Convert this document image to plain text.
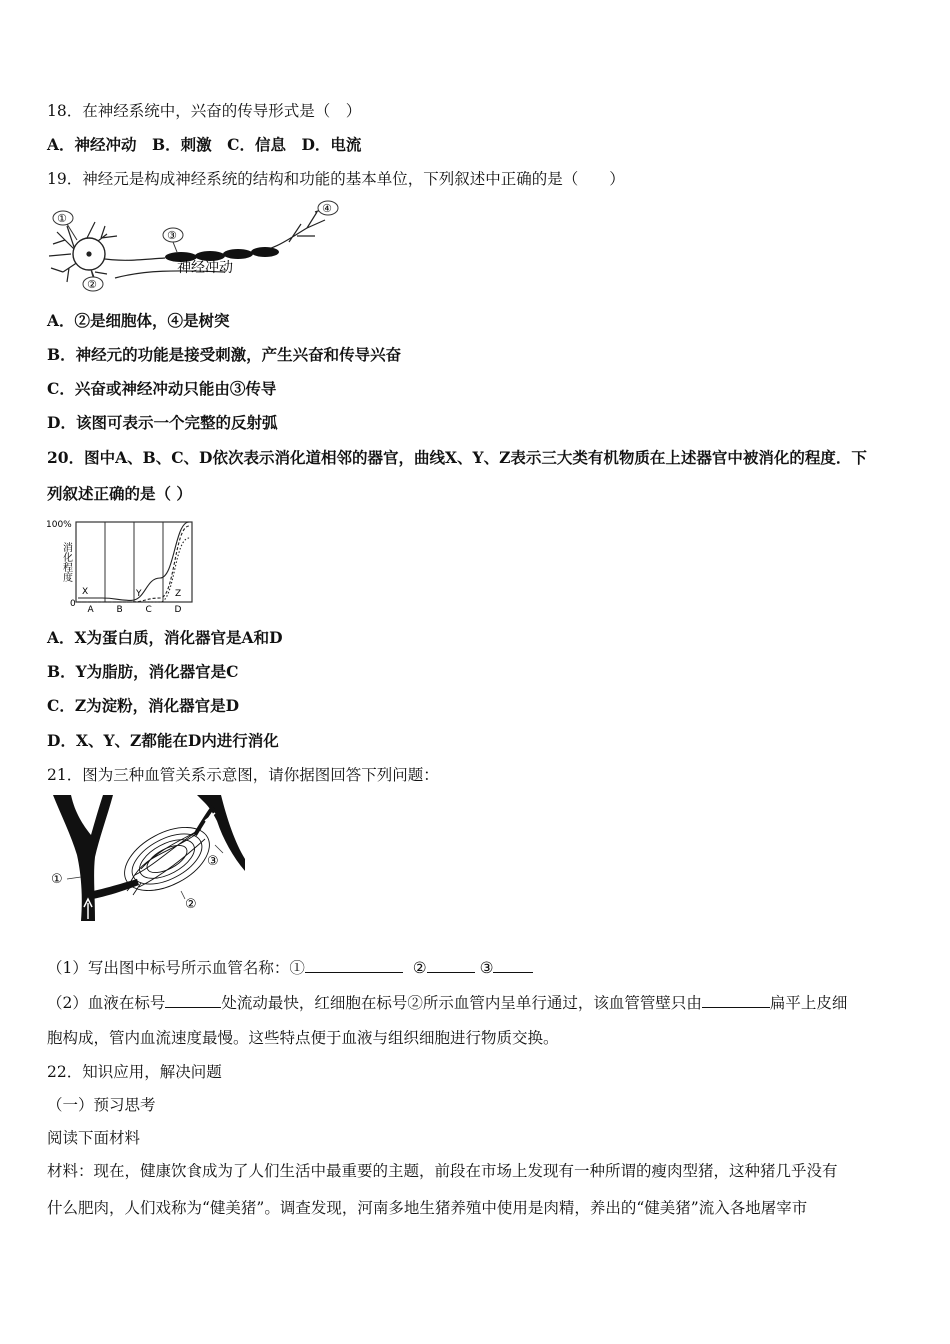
18．在神经系统中，兴奋的传导形式是（　）
A．神经冲动　B．刺激　C．信息　D．电流
19．神经元是构成神经系统的结构和功能的基本单位，下列叙述中正确的是（　　）
①
②
③
④
神经冲动
A．②是细胞体，④是树突
B．神经元的功能是接受刺激，产生兴奋和传导兴奋
C．兴奋或神经冲动只能由③传导
D．该图可表示一个完整的反射弧
20．图中A、B、C、D依次表示消化道相邻的器官，曲线X、Y、Z表示三大类有机物质在上述器官中被消化的程度．下
列叙述正确的是（ ）
100%
0
消化程度
A	B	C	D
X	Y	Z
A．X为蛋白质，消化器官是A和D
B．Y为脂肪，消化器官是C
C．Z为淀粉，消化器官是D
D．X、Y、Z都能在D内进行消化
21．图为三种血管关系示意图，请你据图回答下列问题：
①
②
③
（1）写出图中标号所示血管名称：①	②	③
（2）血液在标号	处流动最快，红细胞在标号②所示血管内呈单行通过，该血管管壁只由	扁平上皮细
胞构成，管内血流速度最慢。这些特点便于血液与组织细胞进行物质交换。
22．知识应用，解决问题
（一）预习思考
阅读下面材料
材料：现在，健康饮食成为了人们生活中最重要的主题，前段在市场上发现有一种所谓的瘦肉型猪，这种猪几乎没有
什么肥肉，人们戏称为“健美猪”。调查发现，河南多地生猪养殖中使用是肉精，养出的“健美猪”流入各地屠宰市
